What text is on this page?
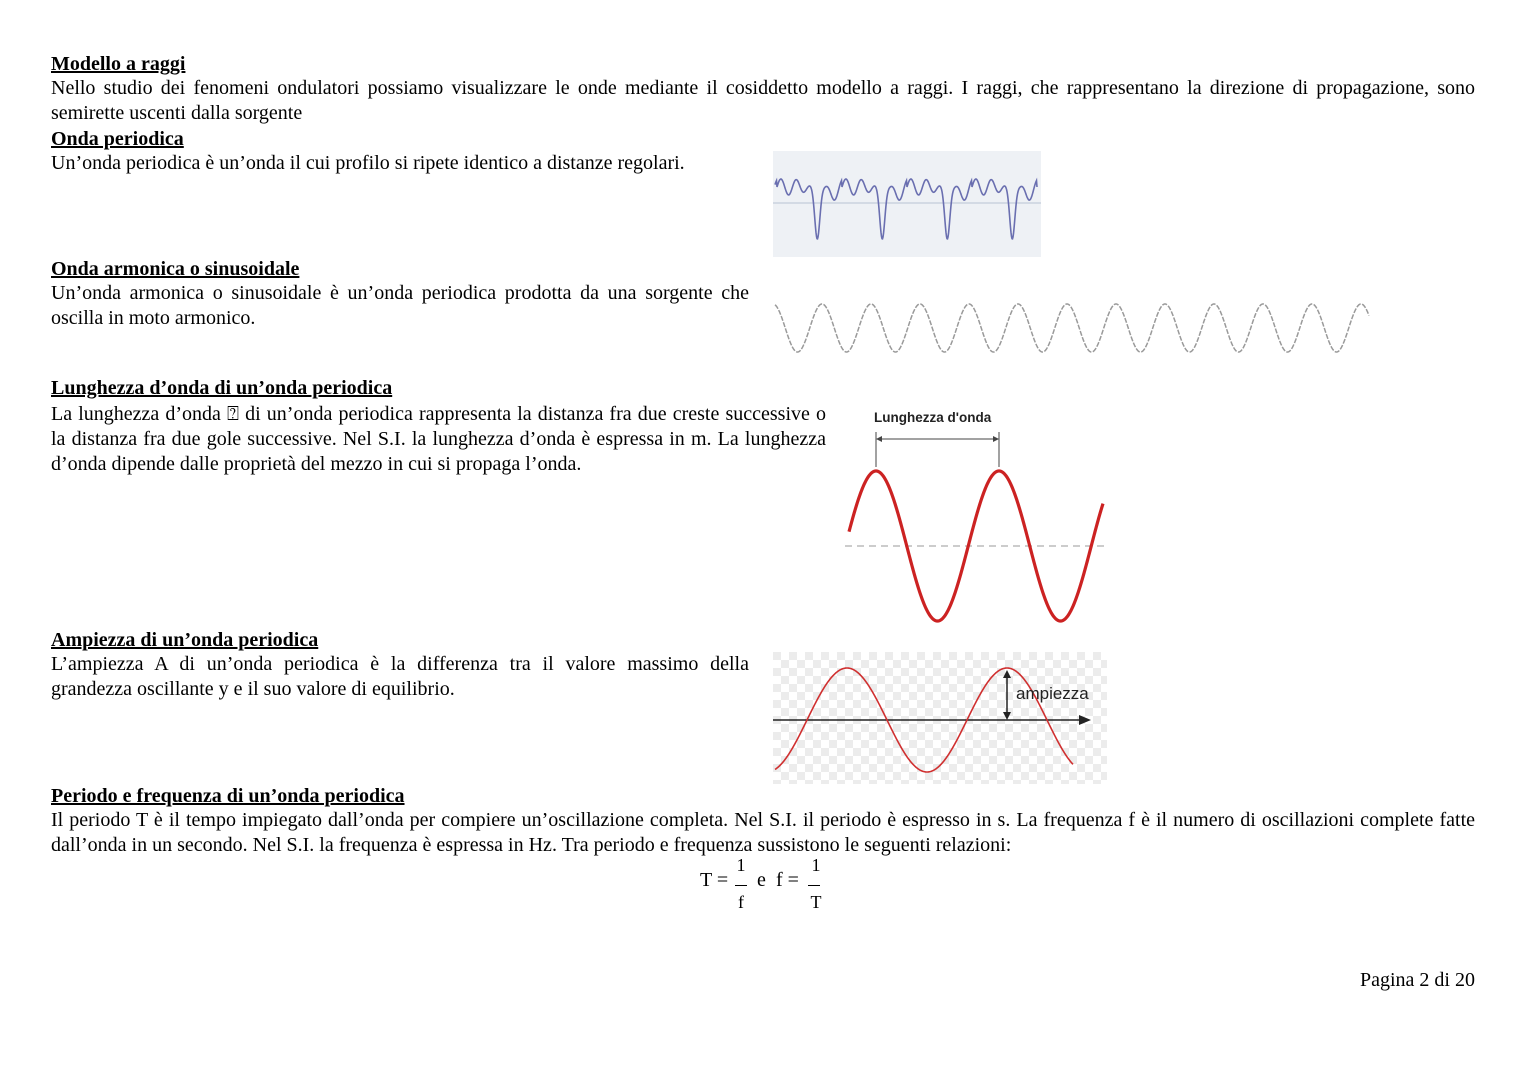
Modello a raggi
Nello studio dei fenomeni ondulatori possiamo visualizzare le onde mediante il cosiddetto modello a raggi. I raggi, che rappresentano la direzione di propagazione, sono semirette uscenti dalla sorgente
Onda periodica
Un’onda periodica è un’onda il cui profilo si ripete identico a distanze regolari.
Onda armonica o sinusoidale
Un’onda armonica o sinusoidale è un’onda periodica prodotta da una sorgente che oscilla in moto armonico.
Lunghezza d’onda di un’onda periodica
La lunghezza d’onda ⍰ di un’onda periodica rappresenta la distanza fra due creste successive o la distanza fra due gole successive. Nel S.I. la lunghezza d’onda è espressa in m. La lunghezza d’onda dipende dalle proprietà del mezzo in cui si propaga l’onda.
Lunghezza d'onda
Ampiezza di un’onda periodica
L’ampiezza A di un’onda periodica è la differenza tra il valore massimo della grandezza oscillante y e il suo valore di equilibrio.	ampiezza
Periodo e frequenza di un’onda periodica
Il periodo T è il tempo impiegato dall’onda per compiere un’oscillazione completa. Nel S.I. il periodo è espresso in s. La frequenza f è il numero di oscillazioni complete fatte dall’onda in un secondo. Nel S.I. la frequenza è espressa in Hz. Tra periodo e frequenza sussistono le seguenti relazioni:
T =
1
f
e f =
1
T
Pagina 2 di 20
